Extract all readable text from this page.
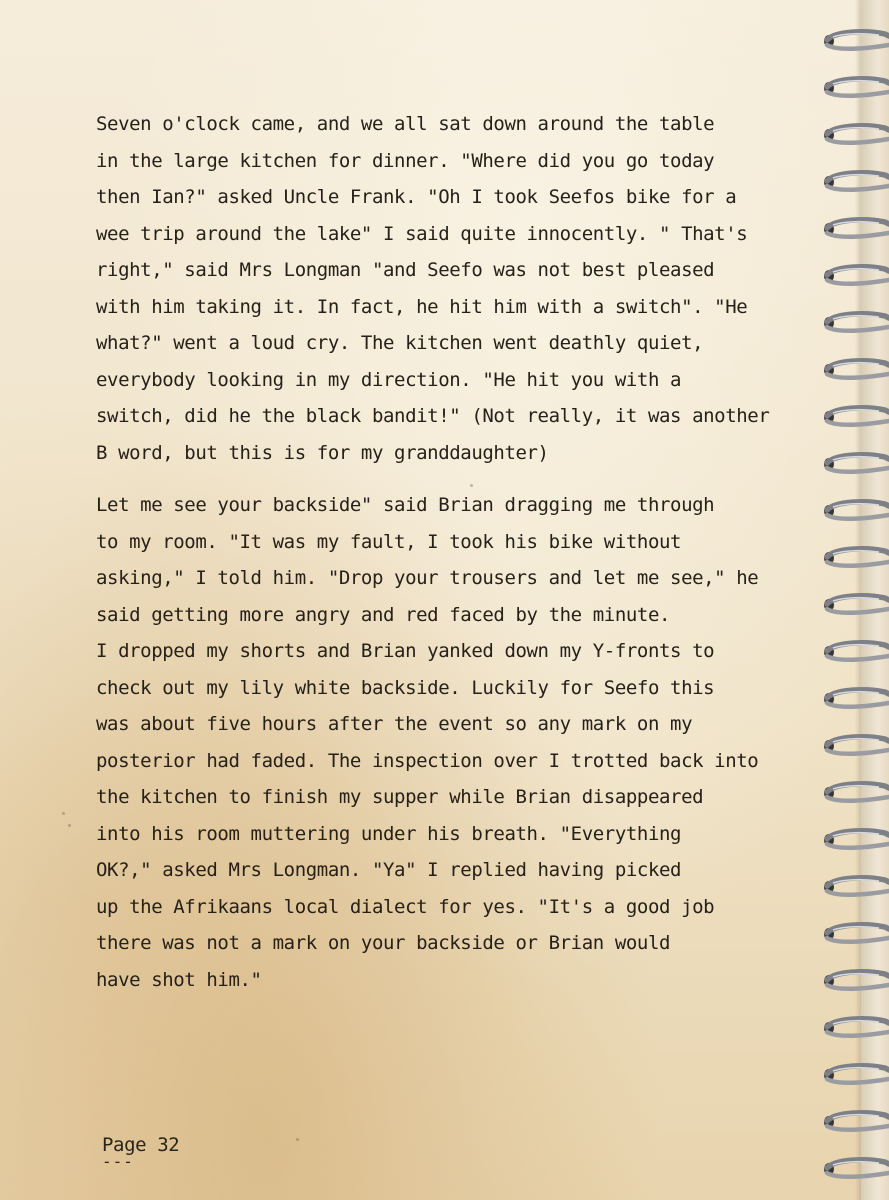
Seven o'clock came, and we all sat down around the table
in the large kitchen for dinner. "Where did you go today
then Ian?" asked Uncle Frank. "Oh I took Seefos bike for a
wee trip around the lake" I said quite innocently. " That's
right," said Mrs Longman "and Seefo was not best pleased
with him taking it. In fact, he hit him with a switch". "He
what?" went a loud cry. The kitchen went deathly quiet,
everybody looking in my direction. "He hit you with a
switch, did he the black bandit!" (Not really, it was another
B word, but this is for my granddaughter)
Let me see your backside" said Brian dragging me through
to my room. "It was my fault, I took his bike without
asking," I told him. "Drop your trousers and let me see," he
said getting more angry and red faced by the minute.
I dropped my shorts and Brian yanked down my Y-fronts to
check out my lily white backside. Luckily for Seefo this
was about five hours after the event so any mark on my
posterior had faded. The inspection over I trotted back into
the kitchen to finish my supper while Brian disappeared
into his room muttering under his breath. "Everything
OK?," asked Mrs Longman. "Ya" I replied having picked
up the Afrikaans local dialect for yes. "It's a good job
there was not a mark on your backside or Brian would
have shot him."
Page 32
---
